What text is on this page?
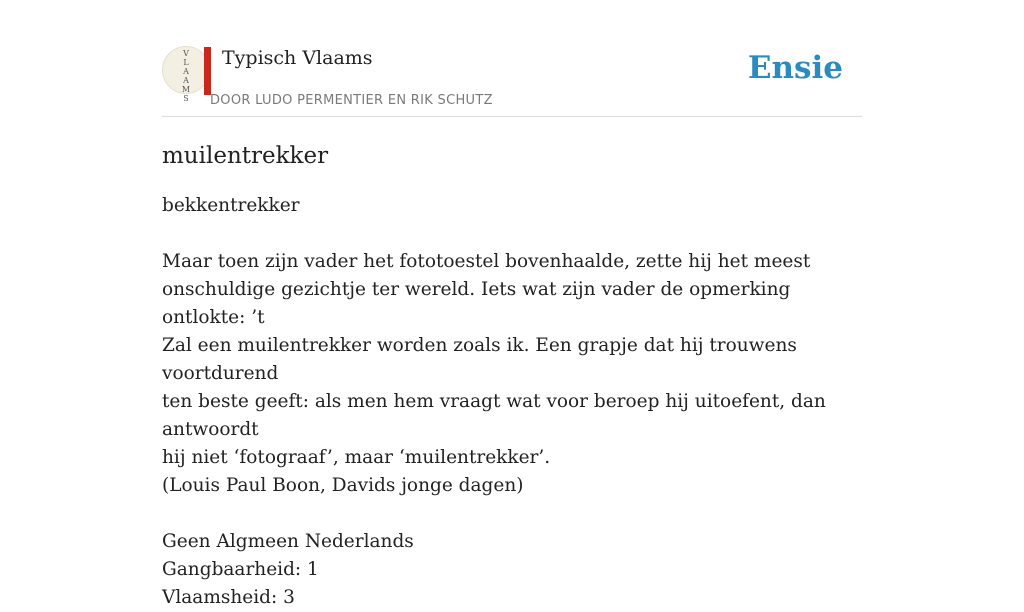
V
L
A
A
M
S
Typisch Vlaams
DOOR LUDO PERMENTIER EN RIK SCHUTZ
Ensie
muilentrekker

bekkentrekker

Maar toen zijn vader het fototoestel bovenhaalde, zette hij het meest

onschuldige gezichtje ter wereld. Iets wat zijn vader de opmerking ontlokte: ’t

Zal een muilentrekker worden zoals ik. Een grapje dat hij trouwens voortdurend

ten beste geeft: als men hem vraagt wat voor beroep hij uitoefent, dan antwoordt

hij niet ‘fotograaf’, maar ‘muilentrekker’.

(Louis Paul Boon, Davids jonge dagen)

Geen Algmeen Nederlands

Gangbaarheid: 1

Vlaamsheid: 3
